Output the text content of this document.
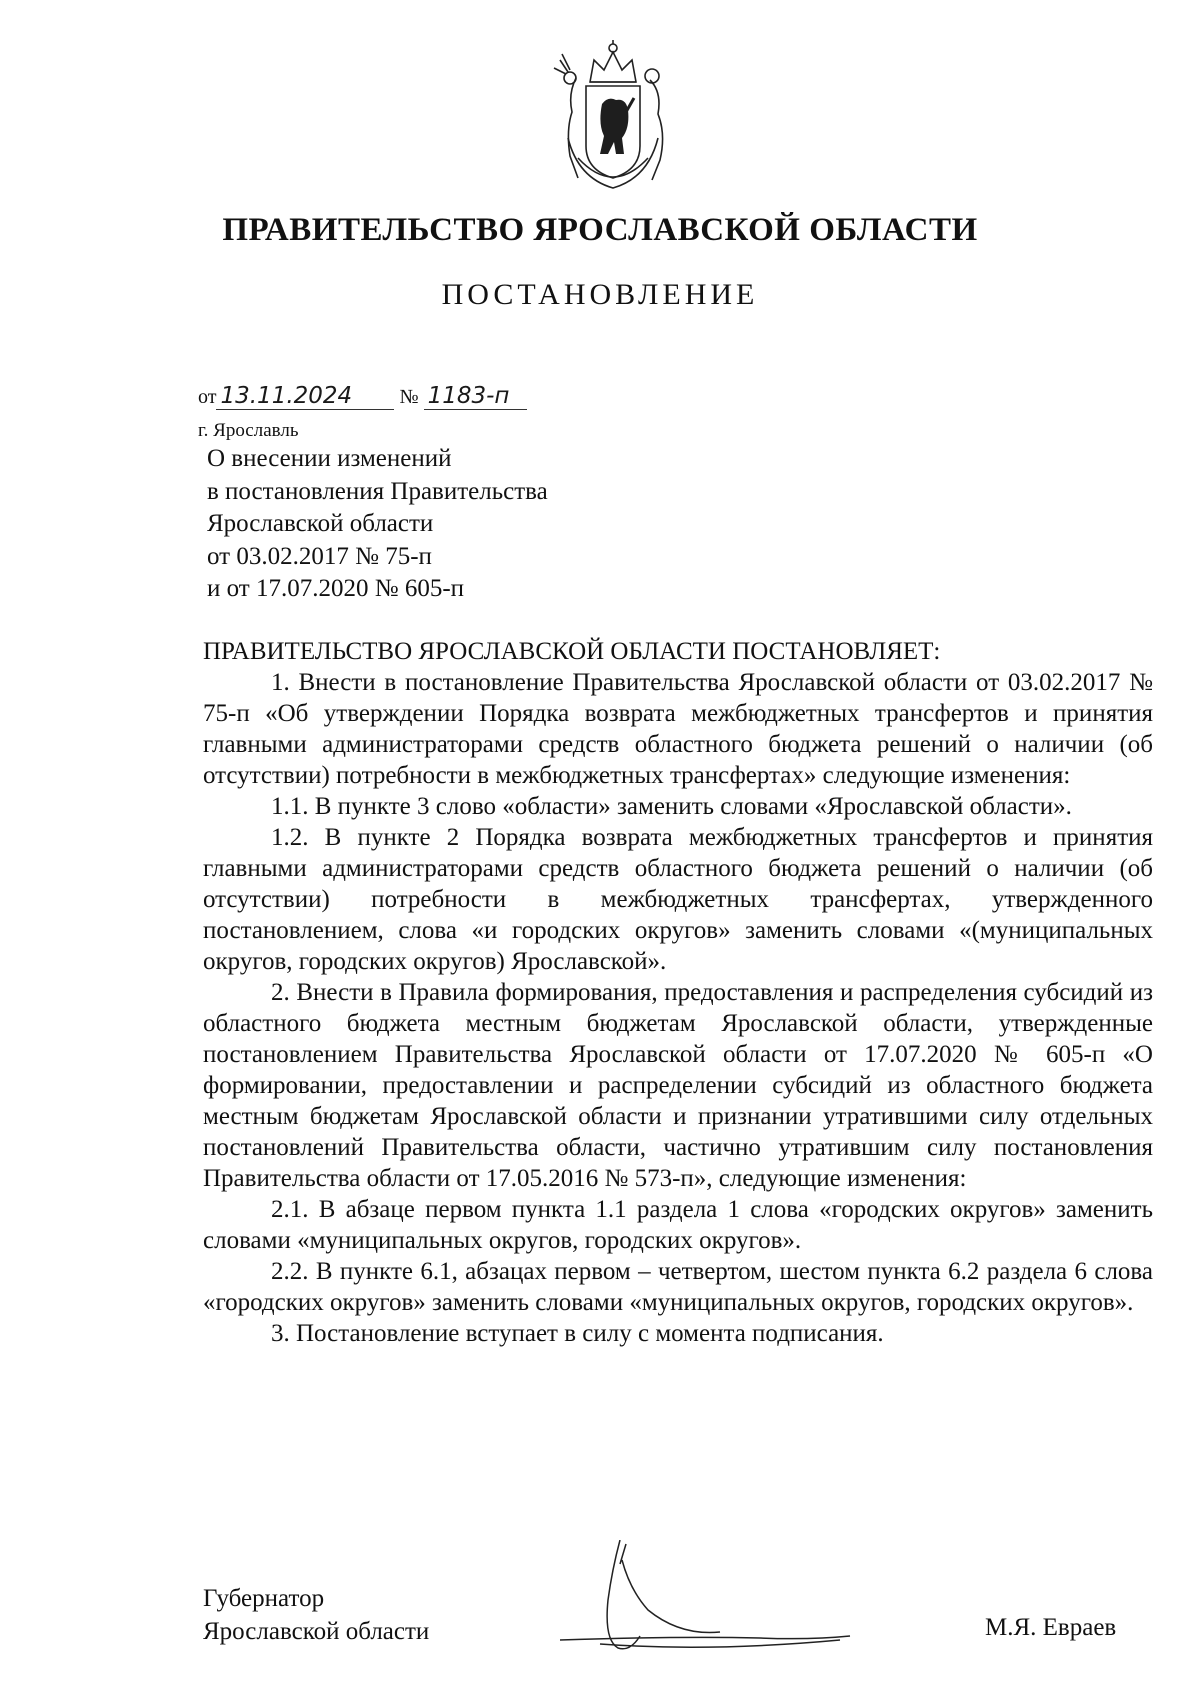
ПРАВИТЕЛЬСТВО ЯРОСЛАВСКОЙ ОБЛАСТИ
ПОСТАНОВЛЕНИЕ
от 13.11.2024 № 1183-п
г. Ярославль
О внесении изменений
в постановления Правительства
Ярославской области
от 03.02.2017 № 75-п
и от 17.07.2020 № 605-п

ПРАВИТЕЛЬСТВО ЯРОСЛАВСКОЙ ОБЛАСТИ ПОСТАНОВЛЯЕТ:

1. Внести в постановление Правительства Ярославской области от 03.02.2017 № 75-п «Об утверждении Порядка возврата межбюджетных трансфертов и принятия главными администраторами средств областного бюджета решений о наличии (об отсутствии) потребности в межбюджетных трансфертах» следующие изменения:

1.1. В пункте 3 слово «области» заменить словами «Ярославской области».

1.2. В пункте 2 Порядка возврата межбюджетных трансфертов и принятия главными администраторами средств областного бюджета решений о наличии (об отсутствии) потребности в межбюджетных трансфертах, утвержденного постановлением, слова «и городских округов» заменить словами «(муниципальных округов, городских округов) Ярославской».

2. Внести в Правила формирования, предоставления и распределения субсидий из областного бюджета местным бюджетам Ярославской области, утвержденные постановлением Правительства Ярославской области от 17.07.2020 № 605-п «О формировании, предоставлении и распределении субсидий из областного бюджета местным бюджетам Ярославской области и признании утратившими силу отдельных постановлений Правительства области, частично утратившим силу постановления Правительства области от 17.05.2016 № 573-п», следующие изменения:

2.1. В абзаце первом пункта 1.1 раздела 1 слова «городских округов» заменить словами «муниципальных округов, городских округов».

2.2. В пункте 6.1, абзацах первом – четвертом, шестом пункта 6.2 раздела 6 слова «городских округов» заменить словами «муниципальных округов, городских округов».

3. Постановление вступает в силу с момента подписания.

Губернатор
Ярославской области	М.Я. Евраев
